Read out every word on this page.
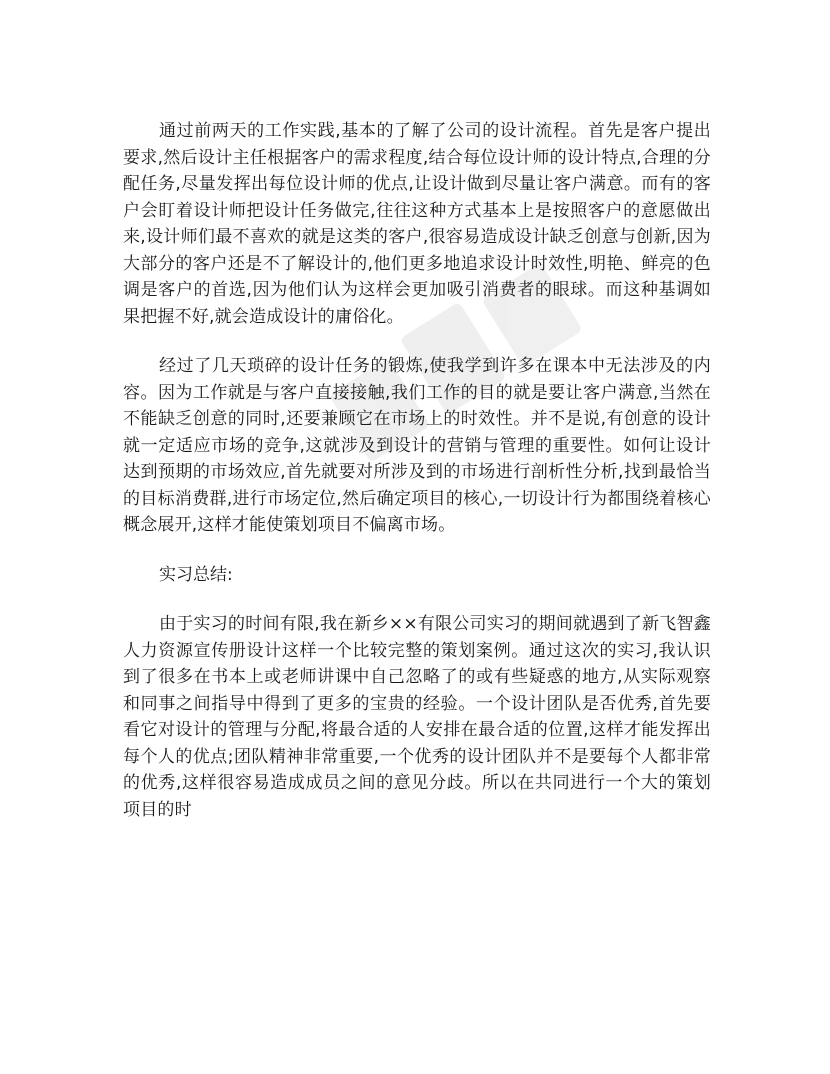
通过前两天的工作实践,基本的了解了公司的设计流程。首先是客户提出要求,然后设计主任根据客户的需求程度,结合每位设计师的设计特点,合理的分配任务,尽量发挥出每位设计师的优点,让设计做到尽量让客户满意。而有的客户会盯着设计师把设计任务做完,往往这种方式基本上是按照客户的意愿做出来,设计师们最不喜欢的就是这类的客户,很容易造成设计缺乏创意与创新,因为大部分的客户还是不了解设计的,他们更多地追求设计时效性,明艳、鲜亮的色调是客户的首选,因为他们认为这样会更加吸引消费者的眼球。而这种基调如果把握不好,就会造成设计的庸俗化。

经过了几天琐碎的设计任务的锻炼,使我学到许多在课本中无法涉及的内容。因为工作就是与客户直接接触,我们工作的目的就是要让客户满意,当然在不能缺乏创意的同时,还要兼顾它在市场上的时效性。并不是说,有创意的设计就一定适应市场的竞争,这就涉及到设计的营销与管理的重要性。如何让设计达到预期的市场效应,首先就要对所涉及到的市场进行剖析性分析,找到最恰当的目标消费群,进行市场定位,然后确定项目的核心,一切设计行为都围绕着核心概念展开,这样才能使策划项目不偏离市场。

实习总结:

由于实习的时间有限,我在新乡××有限公司实习的期间就遇到了新飞智鑫人力资源宣传册设计这样一个比较完整的策划案例。通过这次的实习,我认识到了很多在书本上或老师讲课中自己忽略了的或有些疑惑的地方,从实际观察和同事之间指导中得到了更多的宝贵的经验。一个设计团队是否优秀,首先要看它对设计的管理与分配,将最合适的人安排在最合适的位置,这样才能发挥出每个人的优点;团队精神非常重要,一个优秀的设计团队并不是要每个人都非常的优秀,这样很容易造成成员之间的意见分歧。所以在共同进行一个大的策划项目的时
